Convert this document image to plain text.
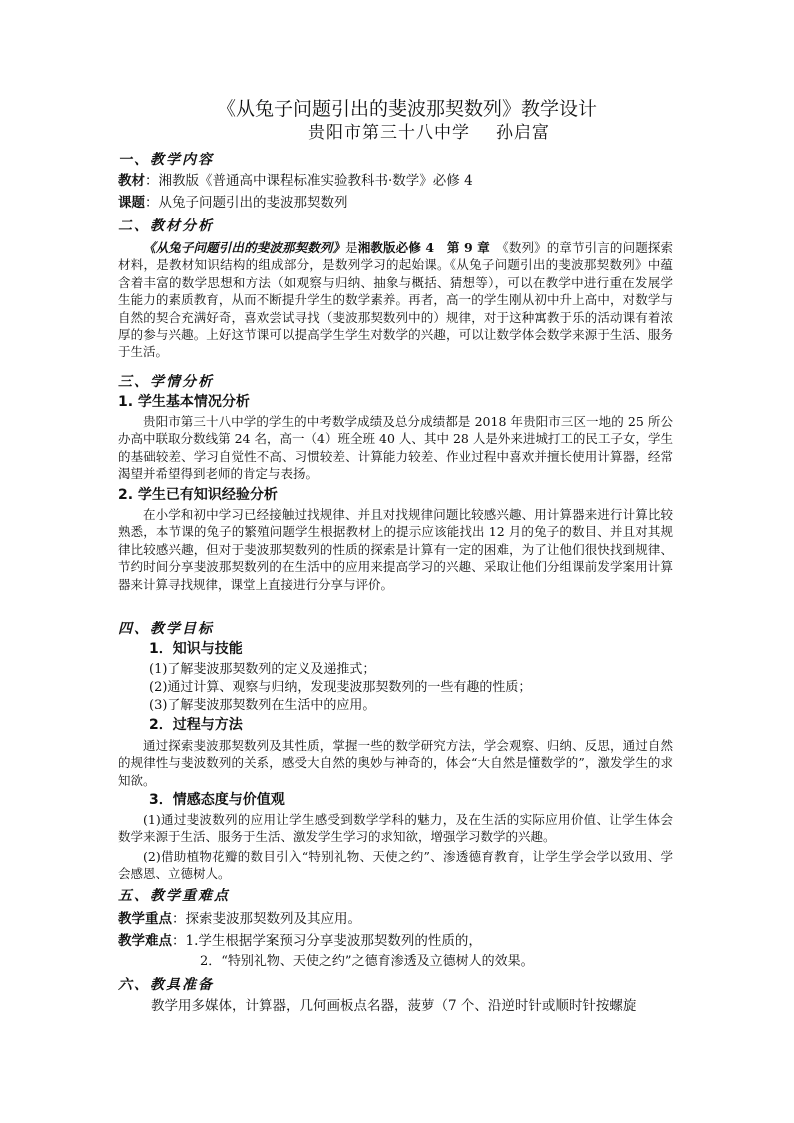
《从兔子问题引出的斐波那契数列》教学设计
贵阳市第三十八中学 孙启富
一、教学内容
教材：湘教版《普通高中课程标准实验教科书·数学》必修 4
课题：从兔子问题引出的斐波那契数列
二、教材分析
《从兔子问题引出的斐波那契数列》是湘教版必修 4　第 9 章　《数列》的章节引言的问题探索材料，是教材知识结构的组成部分，是数列学习的起始课。《从兔子问题引出的斐波那契数列》中蕴含着丰富的数学思想和方法（如观察与归纳、抽象与概括、猜想等），可以在教学中进行重在发展学生能力的素质教育，从而不断提升学生的数学素养。再者，高一的学生刚从初中升上高中，对数学与自然的契合充满好奇，喜欢尝试寻找（斐波那契数列中的）规律，对于这种寓教于乐的活动课有着浓厚的参与兴趣。上好这节课可以提高学生学生对数学的兴趣，可以让数学体会数学来源于生活、服务于生活。
三、学情分析
1. 学生基本情况分析
贵阳市第三十八中学的学生的中考数学成绩及总分成绩都是 2018 年贵阳市三区一地的 25 所公办高中联取分数线第 24 名，高一（4）班全班 40 人、其中 28 人是外来进城打工的民工子女，学生的基础较差、学习自觉性不高、习惯较差、计算能力较差、作业过程中喜欢并擅长使用计算器，经常渴望并希望得到老师的肯定与表扬。
2. 学生已有知识经验分析
在小学和初中学习已经接触过找规律、并且对找规律问题比较感兴趣、用计算器来进行计算比较熟悉，本节课的兔子的繁殖问题学生根据教材上的提示应该能找出 12 月的兔子的数目、并且对其规律比较感兴趣，但对于斐波那契数列的性质的探索是计算有一定的困难，为了让他们很快找到规律、节约时间分享斐波那契数列的在生活中的应用来提高学习的兴趣、采取让他们分组课前发学案用计算器来计算寻找规律，课堂上直接进行分享与评价。
四、教学目标
1．知识与技能
(1)了解斐波那契数列的定义及递推式；
(2)通过计算、观察与归纳，发现斐波那契数列的一些有趣的性质；
(3)了解斐波那契数列在生活中的应用。
2．过程与方法
通过探索斐波那契数列及其性质，掌握一些的数学研究方法，学会观察、归纳、反思，通过自然的规律性与斐波数列的关系，感受大自然的奥妙与神奇的，体会“大自然是懂数学的”，激发学生的求知欲。
3．情感态度与价值观
(1)通过斐波数列的应用让学生感受到数学学科的魅力，及在生活的实际应用价值、让学生体会数学来源于生活、服务于生活、激发学生学习的求知欲，增强学习数学的兴趣。
(2)借助植物花瓣的数目引入“特别礼物、天使之约”、渗透德育教育，让学生学会学以致用、学会感恩、立德树人。
五、教学重难点
教学重点：探索斐波那契数列及其应用。
教学难点：1.学生根据学案预习分享斐波那契数列的性质的，
2．“特别礼物、天使之约”之德育渗透及立德树人的效果。
六、教具准备
教学用多媒体，计算器，几何画板点名器，菠萝（7 个、沿逆时针或顺时针按螺旋
